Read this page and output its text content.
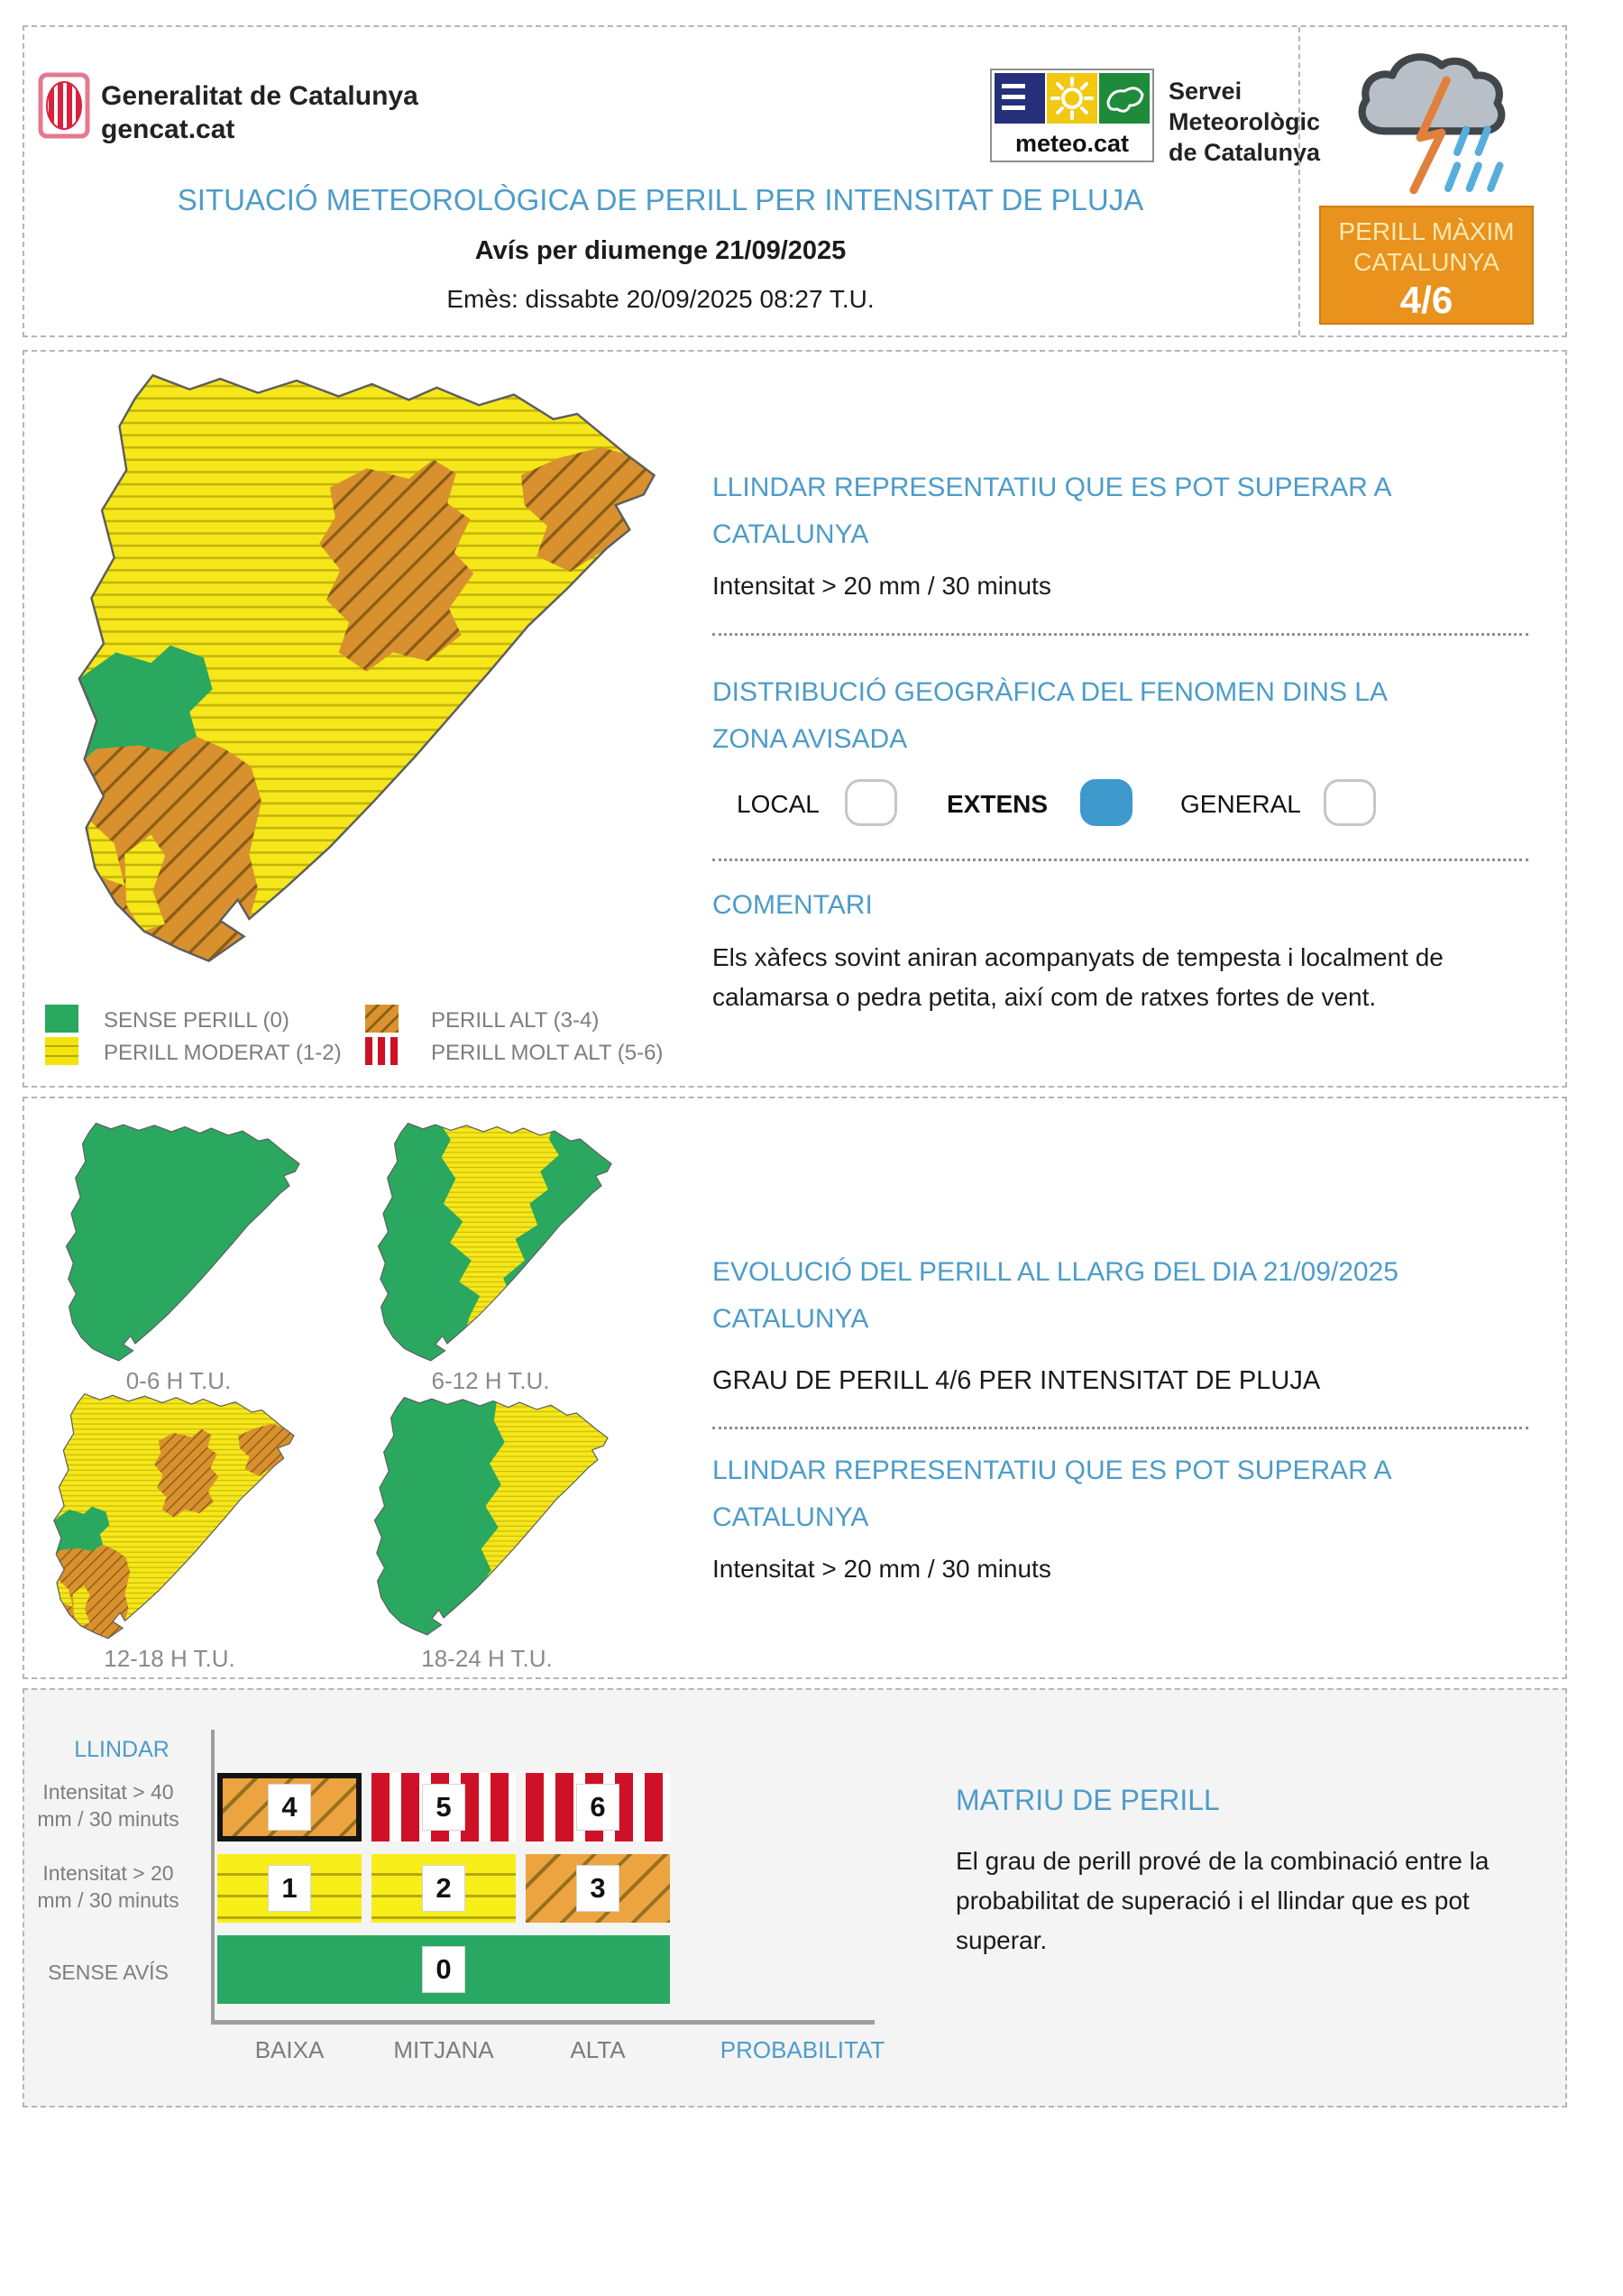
Generalitat de Catalunya
gencat.cat	meteo.cat
Servei Meteorològic de Catalunya
PERILL MÀXIM
CATALUNYA
4/6
SITUACIÓ METEOROLÒGICA DE PERILL PER INTENSITAT DE PLUJA
Avís per diumenge 21/09/2025
Emès: dissabte 20/09/2025 08:27 T.U.
SENSE PERILL (0)
PERILL MODERAT (1-2)
PERILL ALT (3-4)
PERILL MOLT ALT (5-6)
LLINDAR REPRESENTATIU QUE ES POT SUPERAR A CATALUNYA
Intensitat > 20 mm / 30 minuts
DISTRIBUCIÓ GEOGRÀFICA DEL FENOMEN DINS LA ZONA AVISADA
LOCAL	EXTENS	GENERAL
COMENTARI
Els xàfecs sovint aniran acompanyats de tempesta i localment de calamarsa o pedra petita, així com de ratxes fortes de vent.
0-6 H T.U.	6-12 H T.U.
12-18 H T.U.	18-24 H T.U.
EVOLUCIÓ DEL PERILL AL LLARG DEL DIA 21/09/2025 CATALUNYA
GRAU DE PERILL 4/6 PER INTENSITAT DE PLUJA
LLINDAR REPRESENTATIU QUE ES POT SUPERAR A CATALUNYA
Intensitat > 20 mm / 30 minuts
LLINDAR
Intensitat > 40
mm / 30 minuts
Intensitat > 20
mm / 30 minuts
SENSE AVÍS
4	5	6
1	2	3
0
BAIXA	MITJANA	ALTA	PROBABILITAT
MATRIU DE PERILL
El grau de perill prové de la combinació entre la probabilitat de superació i el llindar que es pot superar.
